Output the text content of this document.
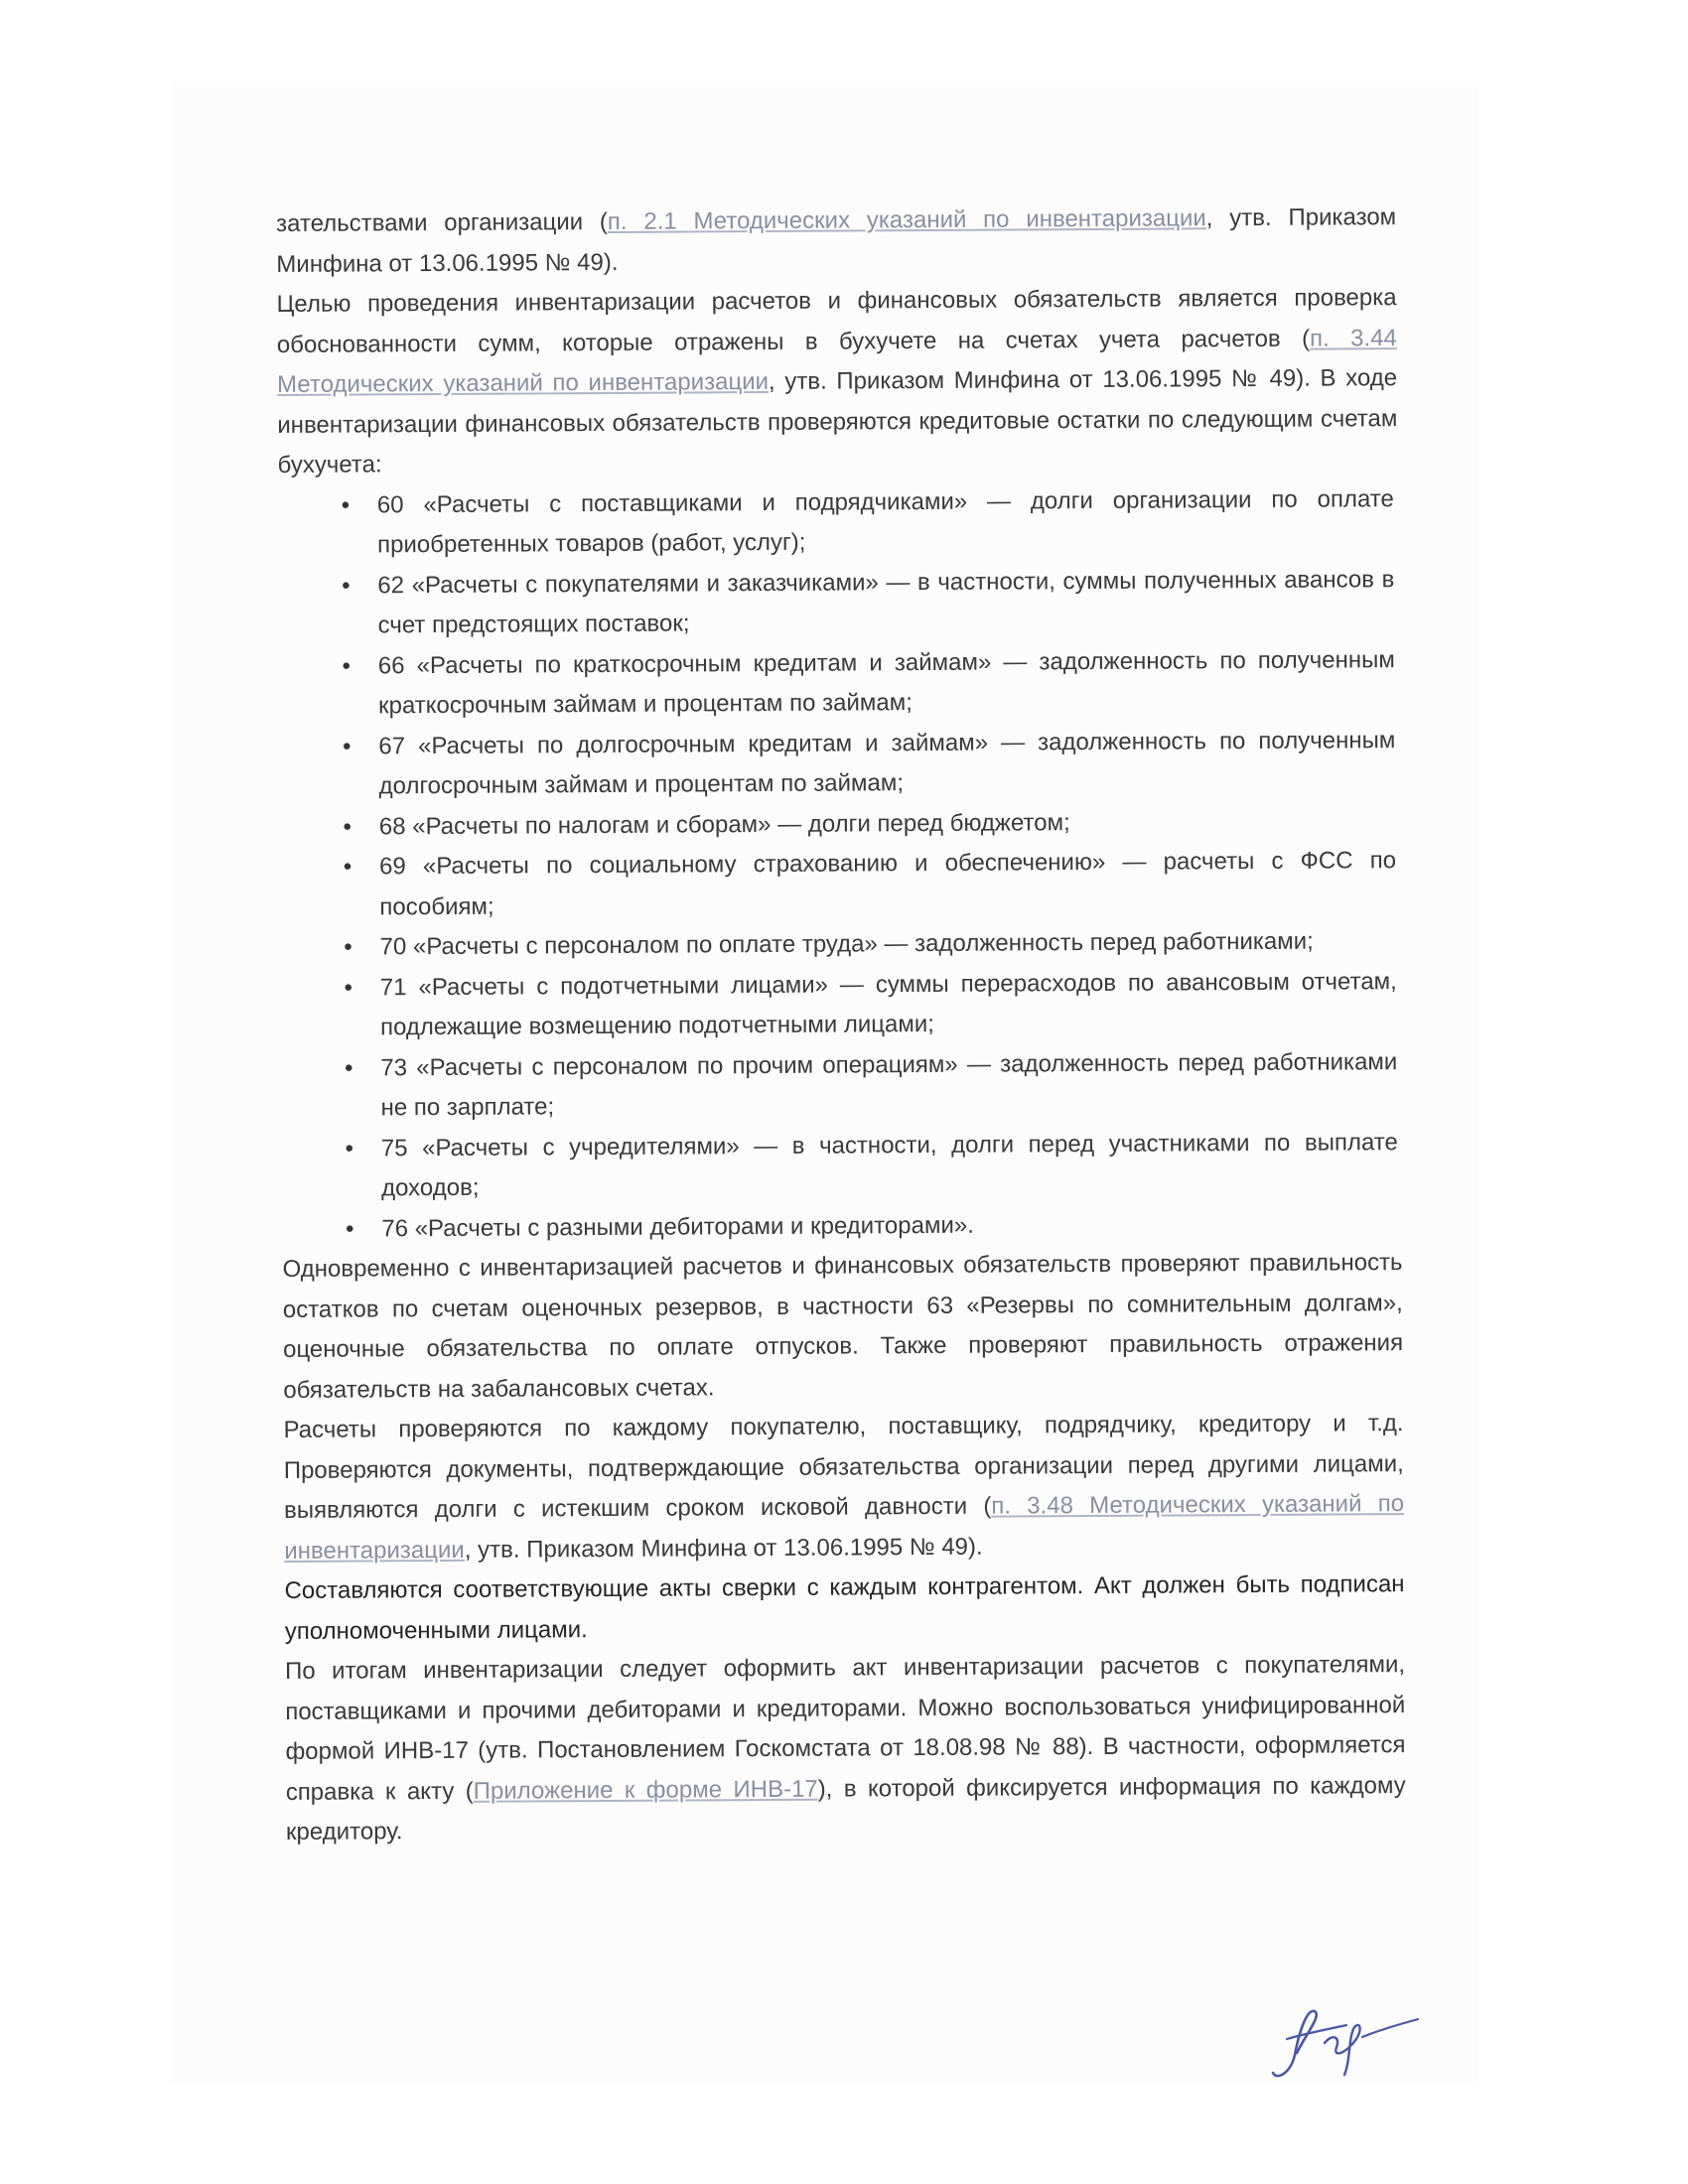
зательствами организации (п. 2.1 Методических указаний по инвентаризации, утв. Приказом Минфина от 13.06.1995 № 49).

Целью проведения инвентаризации расчетов и финансовых обязательств является проверка обоснованности сумм, которые отражены в бухучете на счетах учета расчетов (п. 3.44 Методических указаний по инвентаризации, утв. Приказом Минфина от 13.06.1995 № 49). В ходе инвентаризации финансовых обязательств проверяются кредитовые остатки по следующим счетам бухучета:

• 60 «Расчеты с поставщиками и подрядчиками» — долги организации по оплате приобретенных товаров (работ, услуг);
• 62 «Расчеты с покупателями и заказчиками» — в частности, суммы полученных авансов в счет предстоящих поставок;
• 66 «Расчеты по краткосрочным кредитам и займам» — задолженность по полученным краткосрочным займам и процентам по займам;
• 67 «Расчеты по долгосрочным кредитам и займам» — задолженность по полученным долгосрочным займам и процентам по займам;
• 68 «Расчеты по налогам и сборам» — долги перед бюджетом;
• 69 «Расчеты по социальному страхованию и обеспечению» — расчеты с ФСС по пособиям;
• 70 «Расчеты с персоналом по оплате труда» — задолженность перед работниками;
• 71 «Расчеты с подотчетными лицами» — суммы перерасходов по авансовым отчетам, подлежащие возмещению подотчетными лицами;
• 73 «Расчеты с персоналом по прочим операциям» — задолженность перед работниками не по зарплате;
• 75 «Расчеты с учредителями» — в частности, долги перед участниками по выплате доходов;
• 76 «Расчеты с разными дебиторами и кредиторами».

Одновременно с инвентаризацией расчетов и финансовых обязательств проверяют правильность остатков по счетам оценочных резервов, в частности 63 «Резервы по сомнительным долгам», оценочные обязательства по оплате отпусков. Также проверяют правильность отражения обязательств на забалансовых счетах.

Расчеты проверяются по каждому покупателю, поставщику, подрядчику, кредитору и т.д. Проверяются документы, подтверждающие обязательства организации перед другими лицами, выявляются долги с истекшим сроком исковой давности (п. 3.48 Методических указаний по инвентаризации, утв. Приказом Минфина от 13.06.1995 № 49).

Составляются соответствующие акты сверки с каждым контрагентом. Акт должен быть подписан уполномоченными лицами.

По итогам инвентаризации следует оформить акт инвентаризации расчетов с покупателями, поставщиками и прочими дебиторами и кредиторами. Можно воспользоваться унифицированной формой ИНВ-17 (утв. Постановлением Госкомстата от 18.08.98 № 88). В частности, оформляется справка к акту (Приложение к форме ИНВ-17), в которой фиксируется информация по каждому кредитору.
